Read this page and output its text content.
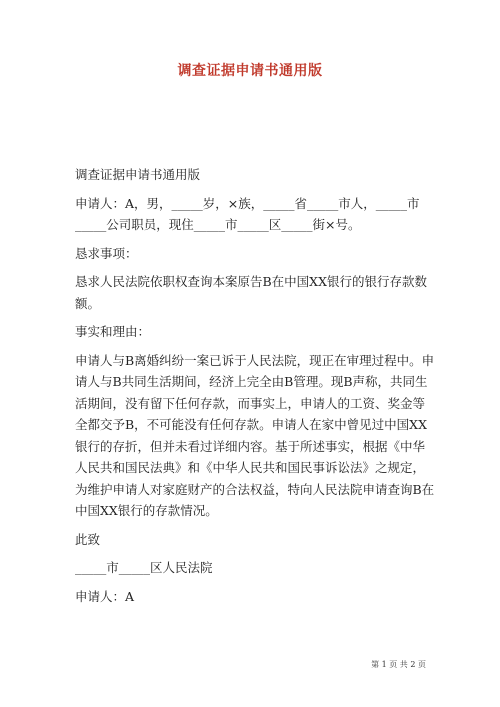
调查证据申请书通用版

调查证据申请书通用版

申请人：A，男，_____岁，×族，_____省_____市人，_____市_____公司职员，现住_____市_____区_____街×号。

恳求事项：

恳求人民法院依职权查询本案原告B在中国XX银行的银行存款数额。

事实和理由：

申请人与B离婚纠纷一案已诉于人民法院，现正在审理过程中。申请人与B共同生活期间，经济上完全由B管理。现B声称，共同生活期间，没有留下任何存款，而事实上，申请人的工资、奖金等全都交予B，不可能没有任何存款。申请人在家中曾见过中国XX银行的存折，但并未看过详细内容。基于所述事实，根据《中华人民共和国民法典》和《中华人民共和国民事诉讼法》之规定，为维护申请人对家庭财产的合法权益，特向人民法院申请查询B在中国XX银行的存款情况。

此致

_____市_____区人民法院

申请人：A

第 1 页 共 2 页
